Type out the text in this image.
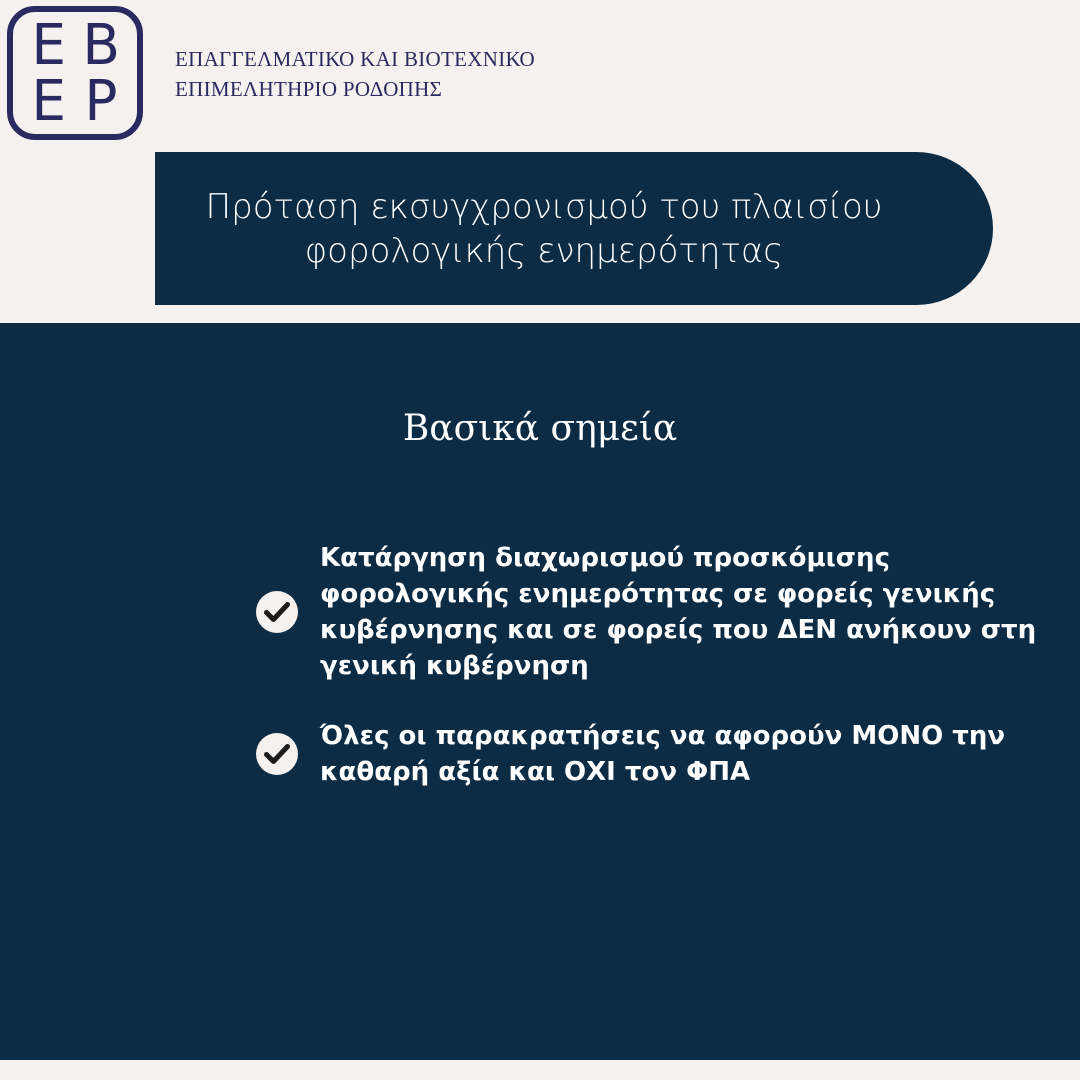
Ε Β
Ε Ρ
ΕΠΑΓΓΕΛΜΑΤΙΚΟ ΚΑΙ ΒΙΟΤΕΧΝΙΚΟ
ΕΠΙΜΕΛΗΤΗΡΙΟ ΡΟΔΟΠΗΣ
Πρόταση εκσυγχρονισμού του πλαισίου φορολογικής ενημερότητας
Βασικά σημεία
Κατάργηση διαχωρισμού προσκόμισης φορολογικής ενημερότητας σε φορείς γενικής κυβέρνησης και σε φορείς που ΔΕΝ ανήκουν στη γενική κυβέρνηση
Όλες οι παρακρατήσεις να αφορούν ΜΟΝΟ την καθαρή αξία και ΟΧΙ τον ΦΠΑ
